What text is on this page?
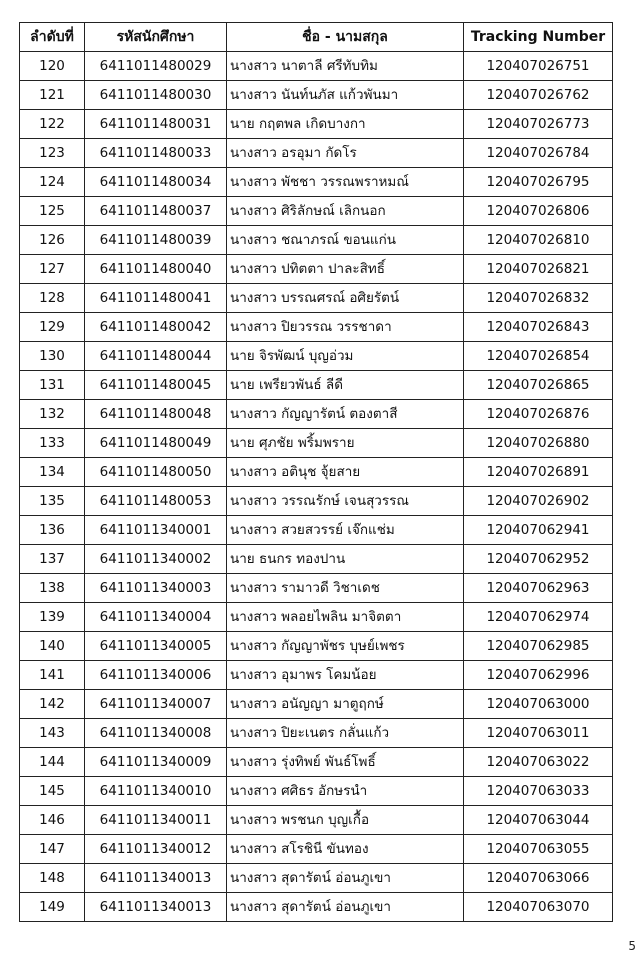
ลำดับที่	รหัสนักศึกษา	ชื่อ - นามสกุล	Tracking Number
120	6411011480029	นางสาว นาตาลี ศรีทับทิม	120407026751
121	6411011480030	นางสาว นันท์นภัส แก้วพันมา	120407026762
122	6411011480031	นาย กฤตพล เกิดบางกา	120407026773
123	6411011480033	นางสาว อรอุมา กัดโร	120407026784
124	6411011480034	นางสาว พัชชา วรรณพราหมณ์	120407026795
125	6411011480037	นางสาว ศิริลักษณ์ เลิกนอก	120407026806
126	6411011480039	นางสาว ชณาภรณ์ ขอนแก่น	120407026810
127	6411011480040	นางสาว ปทิตตา ปาละสิทธิ์	120407026821
128	6411011480041	นางสาว บรรณศรณ์ อศิยรัตน์	120407026832
129	6411011480042	นางสาว ปิยวรรณ วรรชาดา	120407026843
130	6411011480044	นาย จิรพัฒน์ บุญอ่วม	120407026854
131	6411011480045	นาย เพรียวพันธ์ ลีดี	120407026865
132	6411011480048	นางสาว กัญญารัตน์ ตองตาสี	120407026876
133	6411011480049	นาย ศุภชัย พริ้มพราย	120407026880
134	6411011480050	นางสาว อตินุช จุ้ยสาย	120407026891
135	6411011480053	นางสาว วรรณรักษ์ เจนสุวรรณ	120407026902
136	6411011340001	นางสาว สวยสวรรย์ เจ๊กแช่ม	120407062941
137	6411011340002	นาย ธนกร ทองปาน	120407062952
138	6411011340003	นางสาว รามาวดี วิชาเดช	120407062963
139	6411011340004	นางสาว พลอยไพลิน มาจิตตา	120407062974
140	6411011340005	นางสาว กัญญาพัชร บุษย์เพชร	120407062985
141	6411011340006	นางสาว อุมาพร โคมน้อย	120407062996
142	6411011340007	นางสาว อนัญญา มาตูฤกษ์	120407063000
143	6411011340008	นางสาว ปิยะเนตร กลั่นแก้ว	120407063011
144	6411011340009	นางสาว รุ่งทิพย์ พันธ์โพธิ์	120407063022
145	6411011340010	นางสาว ศศิธร อักษรนำ	120407063033
146	6411011340011	นางสาว พรชนก บุญเกื้อ	120407063044
147	6411011340012	นางสาว สโรชินี ขันทอง	120407063055
148	6411011340013	นางสาว สุดารัตน์ อ่อนภูเขา	120407063066
149	6411011340013	นางสาว สุดารัตน์ อ่อนภูเขา	120407063070
5
